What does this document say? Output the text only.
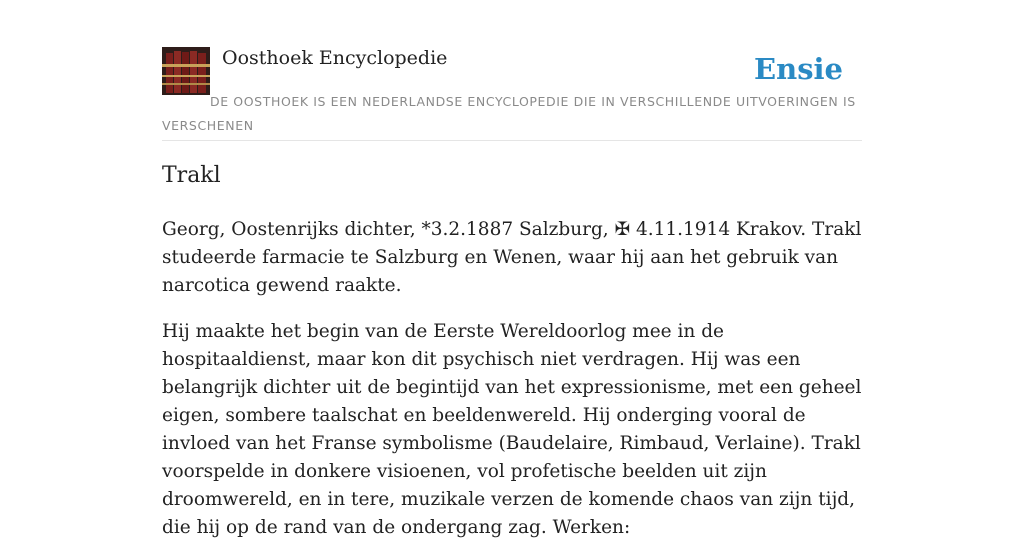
Oosthoek Encyclopedie	Ensie
DE OOSTHOEK IS EEN NEDERLANDSE ENCYCLOPEDIE DIE IN VERSCHILLENDE UITVOERINGEN IS VERSCHENEN
Trakl

Georg, Oostenrijks dichter, *3.2.1887 Salzburg, ✠ 4.11.1914 Krakov. Trakl studeerde farmacie te Salzburg en Wenen, waar hij aan het gebruik van narcotica gewend raakte.

Hij maakte het begin van de Eerste Wereldoorlog mee in de hospitaaldienst, maar kon dit psychisch niet verdragen. Hij was een belangrijk dichter uit de begintijd van het expressionisme, met een geheel eigen, sombere taalschat en beeldenwereld. Hij onderging vooral de invloed van het Franse symbolisme (Baudelaire, Rimbaud, Verlaine). Trakl voorspelde in donkere visioenen, vol profetische beelden uit zijn droomwereld, en in tere, muzikale verzen de komende chaos van zijn tijd, die hij op de rand van de ondergang zag. Werken:
